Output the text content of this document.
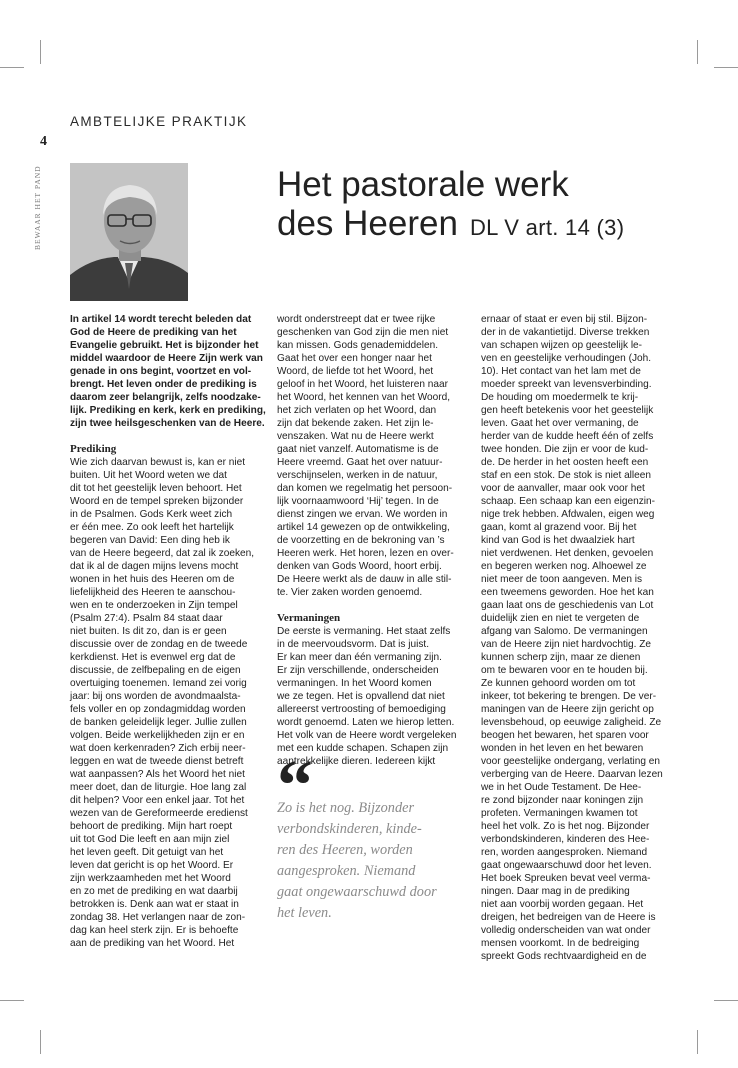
AMBTELIJKE PRAKTIJK
4
BEWAAR HET PAND	Het pastorale werk
des Heeren DL V art. 14 (3)
In artikel 14 wordt terecht beleden dat
God de Heere de prediking van het
Evangelie gebruikt. Het is bijzonder het
middel waardoor de Heere Zijn werk van
genade in ons begint, voortzet en vol-
brengt. Het leven onder de prediking is
daarom zeer belangrijk, zelfs noodzake-
lijk. Prediking en kerk, kerk en prediking,
zijn twee heilsgeschenken van de Heere.
Prediking
Wie zich daarvan bewust is, kan er niet
buiten. Uit het Woord weten we dat
dit tot het geestelijk leven behoort. Het
Woord en de tempel spreken bijzonder
in de Psalmen. Gods Kerk weet zich
er één mee. Zo ook leeft het hartelijk
begeren van David: Een ding heb ik
van de Heere begeerd, dat zal ik zoeken,
dat ik al de dagen mijns levens mocht
wonen in het huis des Heeren om de
liefelijkheid des Heeren te aanschou-
wen en te onderzoeken in Zijn tempel
(Psalm 27:4). Psalm 84 staat daar
niet buiten. Is dit zo, dan is er geen
discussie over de zondag en de tweede
kerkdienst. Het is evenwel erg dat de
discussie, de zelfbepaling en de eigen
overtuiging toenemen. Iemand zei vorig
jaar: bij ons worden de avondmaalsta-
fels voller en op zondagmiddag worden
de banken geleidelijk leger. Jullie zullen
volgen. Beide werkelijkheden zijn er en
wat doen kerkenraden? Zich erbij neer-
leggen en wat de tweede dienst betreft
wat aanpassen? Als het Woord het niet
meer doet, dan de liturgie. Hoe lang zal
dit helpen? Voor een enkel jaar. Tot het
wezen van de Gereformeerde eredienst
behoort de prediking. Mijn hart roept
uit tot God Die leeft en aan mijn ziel
het leven geeft. Dit getuigt van het
leven dat gericht is op het Woord. Er
zijn werkzaamheden met het Woord
en zo met de prediking en wat daarbij
betrokken is. Denk aan wat er staat in
zondag 38. Het verlangen naar de zon-
dag kan heel sterk zijn. Er is behoefte
aan de prediking van het Woord. Het
wordt onderstreept dat er twee rijke
geschenken van God zijn die men niet
kan missen. Gods genademiddelen.
Gaat het over een honger naar het
Woord, de liefde tot het Woord, het
geloof in het Woord, het luisteren naar
het Woord, het kennen van het Woord,
het zich verlaten op het Woord, dan
zijn dat bekende zaken. Het zijn le-
venszaken. Wat nu de Heere werkt
gaat niet vanzelf. Automatisme is de
Heere vreemd. Gaat het over natuur-
verschijnselen, werken in de natuur,
dan komen we regelmatig het persoon-
lijk voornaamwoord ‘Hij’ tegen. In de
dienst zingen we ervan. We worden in
artikel 14 gewezen op de ontwikkeling,
de voorzetting en de bekroning van ’s
Heeren werk. Het horen, lezen en over-
denken van Gods Woord, hoort erbij.
De Heere werkt als de dauw in alle stil-
te. Vier zaken worden genoemd.
Vermaningen
De eerste is vermaning. Het staat zelfs
in de meervoudsvorm. Dat is juist.
Er kan meer dan één vermaning zijn.
Er zijn verschillende, onderscheiden
vermaningen. In het Woord komen
we ze tegen. Het is opvallend dat niet
allereerst vertroosting of bemoediging
wordt genoemd. Laten we hierop letten.
Het volk van de Heere wordt vergeleken
met een kudde schapen. Schapen zijn
aantrekkelijke dieren. Iedereen kijkt
“
Zo is het nog. Bijzonder
verbondskinderen, kinde-
ren des Heeren, worden
aangesproken. Niemand
gaat ongewaarschuwd door
het leven.
ernaar of staat er even bij stil. Bijzon-
der in de vakantietijd. Diverse trekken
van schapen wijzen op geestelijk le-
ven en geestelijke verhoudingen (Joh.
10). Het contact van het lam met de
moeder spreekt van levensverbinding.
De houding om moedermelk te krij-
gen heeft betekenis voor het geestelijk
leven. Gaat het over vermaning, de
herder van de kudde heeft één of zelfs
twee honden. Die zijn er voor de kud-
de. De herder in het oosten heeft een
staf en een stok. De stok is niet alleen
voor de aanvaller, maar ook voor het
schaap. Een schaap kan een eigenzin-
nige trek hebben. Afdwalen, eigen weg
gaan, komt al grazend voor. Bij het
kind van God is het dwaalziek hart
niet verdwenen. Het denken, gevoelen
en begeren werken nog. Alhoewel ze
niet meer de toon aangeven. Men is
een tweemens geworden. Hoe het kan
gaan laat ons de geschiedenis van Lot
duidelijk zien en niet te vergeten de
afgang van Salomo. De vermaningen
van de Heere zijn niet hardvochtig. Ze
kunnen scherp zijn, maar ze dienen
om te bewaren voor en te houden bij.
Ze kunnen gehoord worden om tot
inkeer, tot bekering te brengen. De ver-
maningen van de Heere zijn gericht op
levensbehoud, op eeuwige zaligheid. Ze
beogen het bewaren, het sparen voor
wonden in het leven en het bewaren
voor geestelijke ondergang, verlating en
verberging van de Heere. Daarvan lezen
we in het Oude Testament. De Hee-
re zond bijzonder naar koningen zijn
profeten. Vermaningen kwamen tot
heel het volk. Zo is het nog. Bijzonder
verbondskinderen, kinderen des Hee-
ren, worden aangesproken. Niemand
gaat ongewaarschuwd door het leven.
Het boek Spreuken bevat veel verma-
ningen. Daar mag in de prediking
niet aan voorbij worden gegaan. Het
dreigen, het bedreigen van de Heere is
volledig onderscheiden van wat onder
mensen voorkomt. In de bedreiging
spreekt Gods rechtvaardigheid en de
